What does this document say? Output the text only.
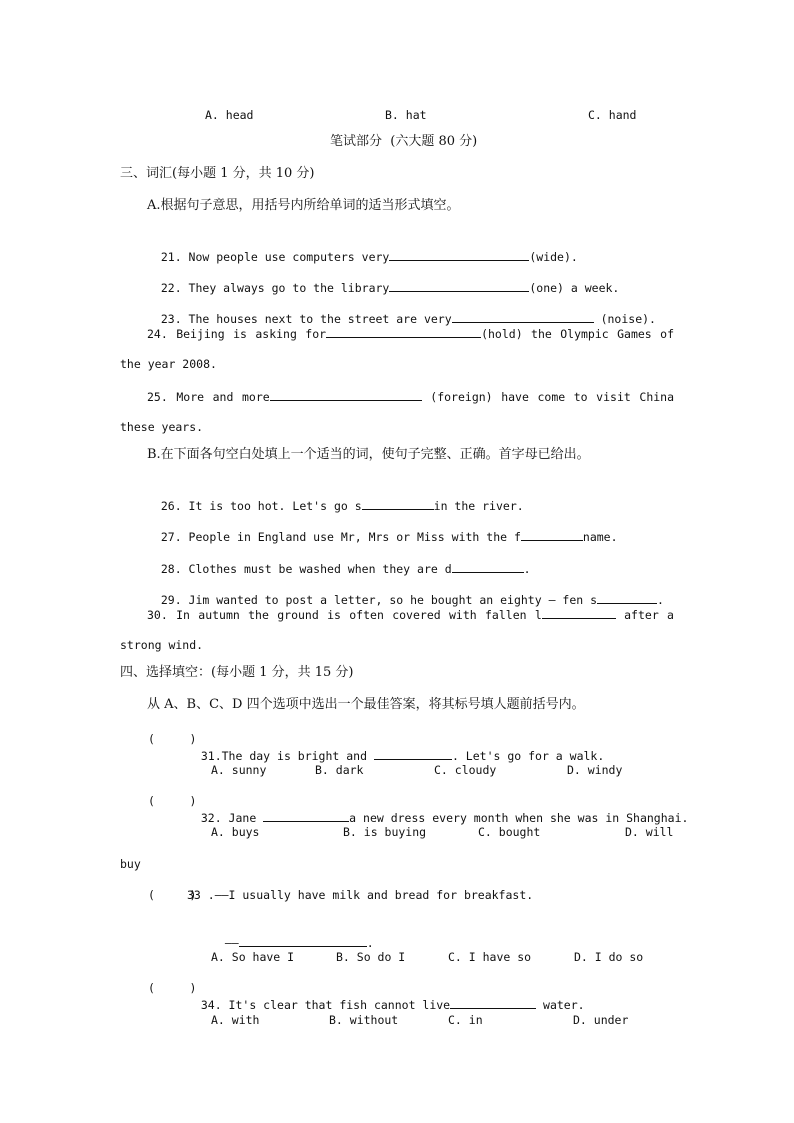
A. head	B. hat	C. hand
笔试部分  (六大题 80 分)
三、词汇(每小题 1 分，共 10 分)
A.根据句子意思，用括号内所给单词的适当形式填空。

21. Now people use computers very	(wide).

22. They always go to the library	(one) a week.

23. The houses next to the street are very	(noise).

24. Beijing is asking for	(hold) the Olympic Games of
the year 2008.
25. More and more	(foreign) have come to visit China
these years.
B.在下面各句空白处填上一个适当的词，使句子完整、正确。首字母已给出。

26. It is too hot. Let's go s	in the river.

27. People in England use Mr, Mrs or Miss with the f	name.

28. Clothes must be washed when they are d	.

29. Jim wanted to post a letter, so he bought an eighty – fen s	.

30. In autumn the ground is often covered with fallen l	after a
strong wind.
四、选择填空：(每小题 1 分，共 15 分)
从 A、B、C、D 四个选项中选出一个最佳答案，将其标号填人题前括号内。
(     )

31.The day is bright and	. Let's go for a walk.

A. sunny	B. dark	C. cloudy	D. windy
(     )

32. Jane	a new dress every month when she was in Shanghai.

A. buys	B. is buying	C. bought	D. will
buy
(     )
33 .——I usually have milk and bread for breakfast.

——	.

A. So have I	B. So do I	C. I have so	D. I do so
(     )

34. It's clear that fish cannot live	water.

A. with	B. without	C. in	D. under
